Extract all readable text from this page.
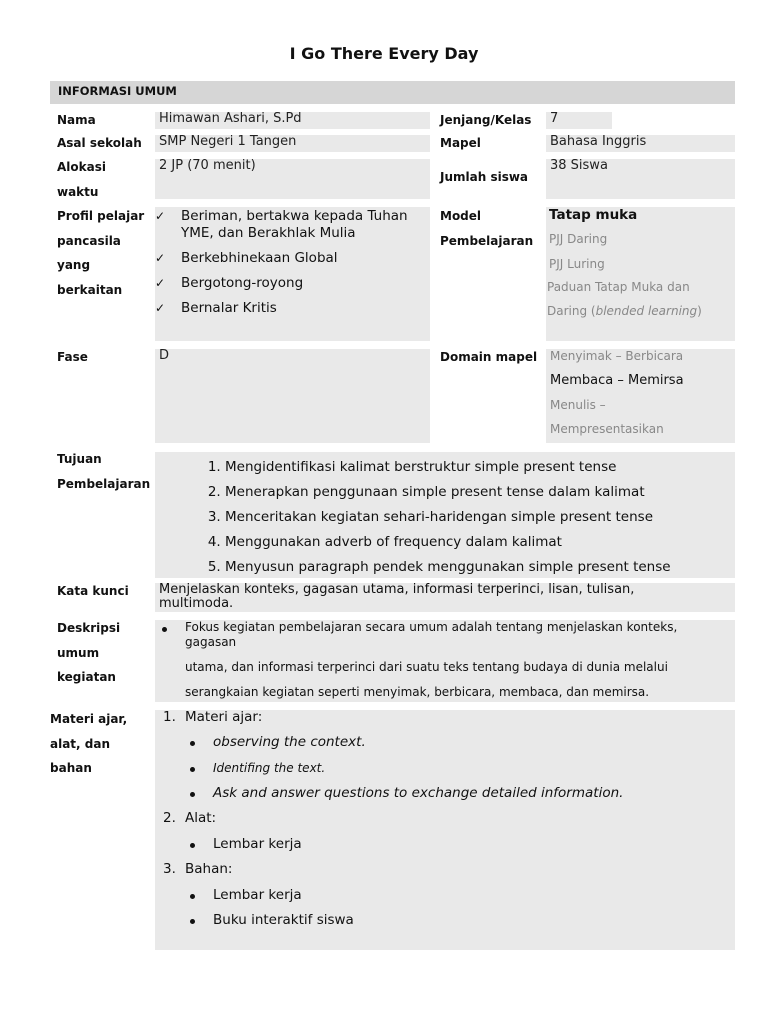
I Go There Every Day
INFORMASI UMUM
Nama
Asal sekolah
Alokasi
waktu
Profil pelajar
pancasila
yang
berkaitan
Fase
Tujuan
Pembelajaran
Kata kunci
Deskripsi
umum
kegiatan
Materi ajar,
alat, dan
bahan
Himawan Ashari, S.Pd
SMP Negeri 1 Tangen
2 JP (70 menit)
✓ Beriman, bertakwa kepada Tuhan YME, dan Berakhlak Mulia
✓ Berkebhinekaan Global
✓ Bergotong-royong
✓ Bernalar Kritis
D
Jenjang/Kelas
Mapel
Jumlah siswa
Model
Pembelajaran
Domain mapel
7
Bahasa Inggris
38 Siswa
Tatap muka
PJJ Daring
PJJ Luring
Paduan Tatap Muka dan
Daring (blended learning)
Menyimak – Berbicara
Membaca – Memirsa
Menulis –
Mempresentasikan
1. Mengidentifikasi kalimat berstruktur simple present tense
2. Menerapkan penggunaan simple present tense dalam kalimat
3. Menceritakan kegiatan sehari-haridengan simple present tense
4. Menggunakan adverb of frequency dalam kalimat
5. Menyusun paragraph pendek menggunakan simple present tense
Menjelaskan konteks, gagasan utama, informasi terperinci, lisan, tulisan, multimoda.
Fokus kegiatan pembelajaran secara umum adalah tentang menjelaskan konteks, gagasan
utama, dan informasi terperinci dari suatu teks tentang budaya di dunia melalui
serangkaian kegiatan seperti menyimak, berbicara, membaca, dan memirsa.
1. Materi ajar:
observing the context.
Identifing the text.
Ask and answer questions to exchange detailed information.
2. Alat:
Lembar kerja
3. Bahan:
Lembar kerja
Buku interaktif siswa
